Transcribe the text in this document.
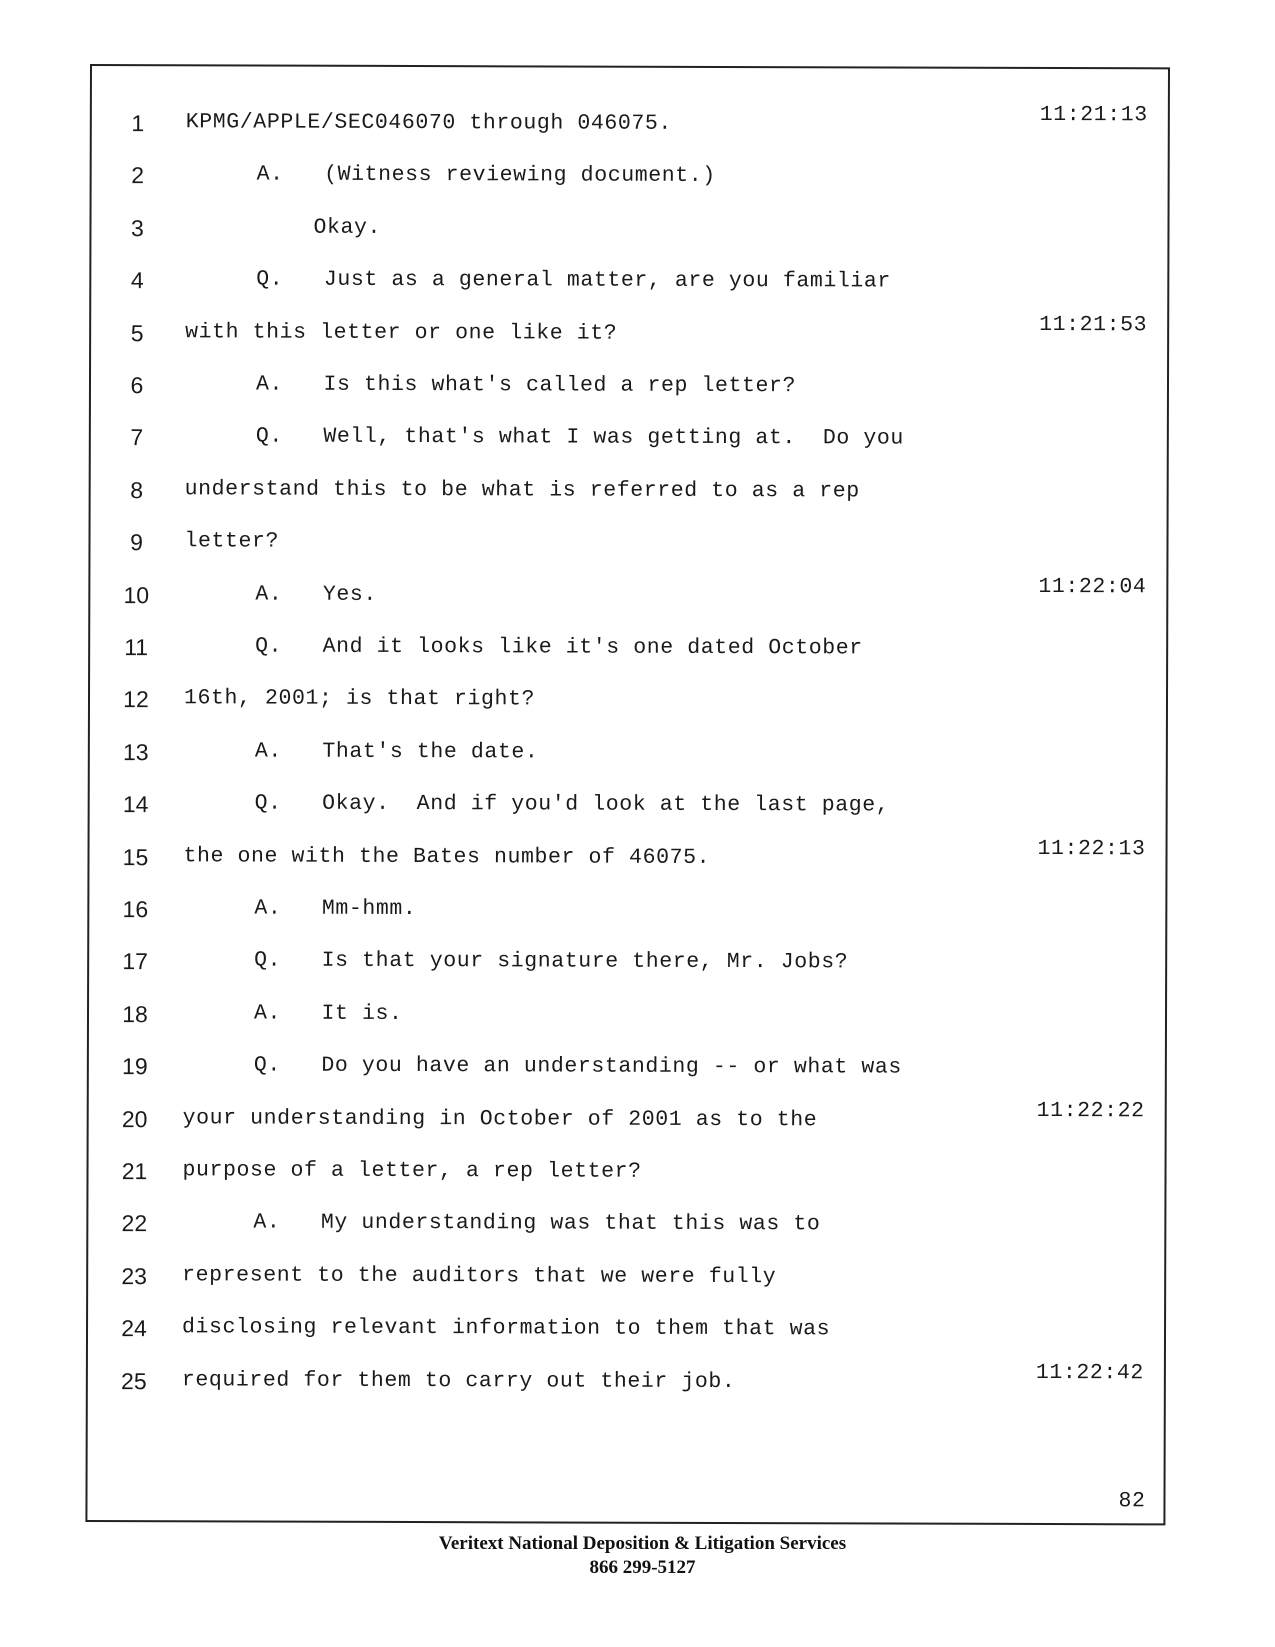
82
1	KPMG/APPLE/SEC046070 through 046075.	11:21:13
2	A.   (Witness reviewing document.)
3	Okay.
4	Q.   Just as a general matter, are you familiar
5	with this letter or one like it?	11:21:53
6	A.   Is this what's called a rep letter?
7	Q.   Well, that's what I was getting at.  Do you
8	understand this to be what is referred to as a rep
9	letter?
10	A.   Yes.	11:22:04
11	Q.   And it looks like it's one dated October
12	16th, 2001; is that right?
13	A.   That's the date.
14	Q.   Okay.  And if you'd look at the last page,
15	the one with the Bates number of 46075.	11:22:13
16	A.   Mm-hmm.
17	Q.   Is that your signature there, Mr. Jobs?
18	A.   It is.
19	Q.   Do you have an understanding -- or what was
20	your understanding in October of 2001 as to the	11:22:22
21	purpose of a letter, a rep letter?
22	A.   My understanding was that this was to
23	represent to the auditors that we were fully
24	disclosing relevant information to them that was
25	required for them to carry out their job.	11:22:42
Veritext National Deposition & Litigation Services
866 299-5127
